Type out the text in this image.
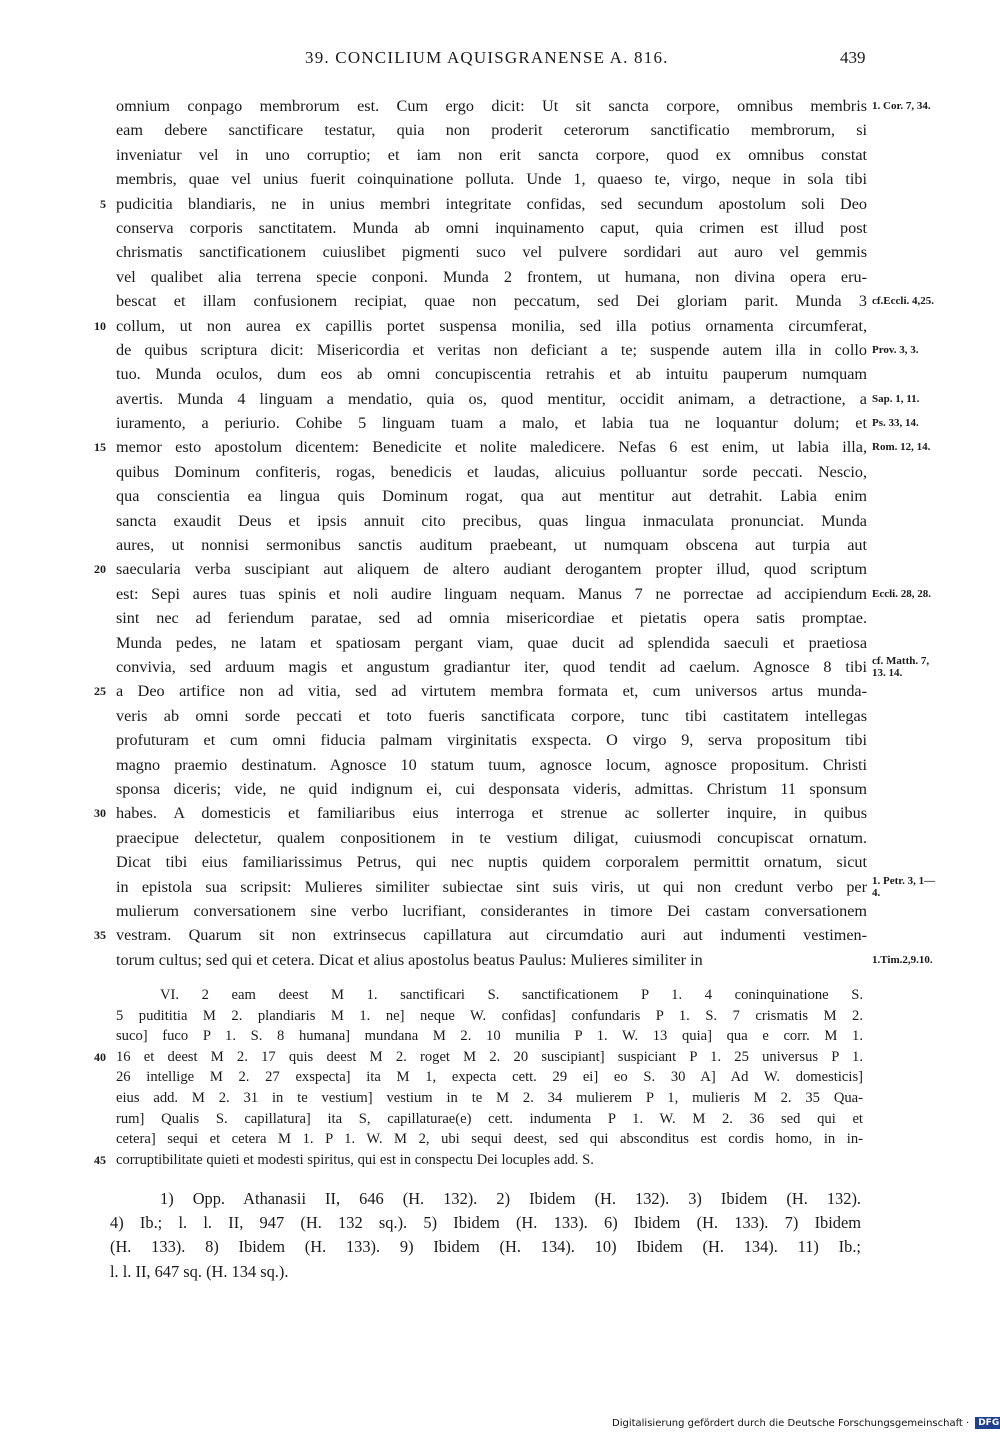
39. CONCILIUM AQUISGRANENSE A. 816.	439
omnium conpago membrorum est. Cum ergo dicit: Ut sit sancta corpore, omnibus membris 1. Cor. 7, 34.
eam debere sanctificare testatur, quia non proderit ceterorum sanctificatio membrorum, si
inveniatur vel in uno corruptio; et iam non erit sancta corpore, quod ex omnibus constat
membris, quae vel unius fuerit coinquinatione polluta. Unde 1, quaeso te, virgo, neque in sola tibi
5 pudicitia blandiaris, ne in unius membri integritate confidas, sed secundum apostolum soli Deo
conserva corporis sanctitatem. Munda ab omni inquinamento caput, quia crimen est illud post
chrismatis sanctificationem cuiuslibet pigmenti suco vel pulvere sordidari aut auro vel gemmis
vel qualibet alia terrena specie conponi. Munda 2 frontem, ut humana, non divina opera eru-
bescat et illam confusionem recipiat, quae non peccatum, sed Dei gloriam parit. Munda 3 cf.Eccli. 4,25.
10 collum, ut non aurea ex capillis portet suspensa monilia, sed illa potius ornamenta circumferat,
de quibus scriptura dicit: Misericordia et veritas non deficiant a te; suspende autem illa in collo Prov. 3, 3.
tuo. Munda oculos, dum eos ab omni concupiscentia retrahis et ab intuitu pauperum numquam
avertis. Munda 4 linguam a mendatio, quia os, quod mentitur, occidit animam, a detractione, a Sap. 1, 11.
iuramento, a periurio. Cohibe 5 linguam tuam a malo, et labia tua ne loquantur dolum; et Ps. 33, 14.
15 memor esto apostolum dicentem: Benedicite et nolite maledicere. Nefas 6 est enim, ut labia illa, Rom. 12, 14.
quibus Dominum confiteris, rogas, benedicis et laudas, alicuius polluantur sorde peccati. Nescio,
qua conscientia ea lingua quis Dominum rogat, qua aut mentitur aut detrahit. Labia enim
sancta exaudit Deus et ipsis annuit cito precibus, quas lingua inmaculata pronunciat. Munda
aures, ut nonnisi sermonibus sanctis auditum praebeant, ut numquam obscena aut turpia aut
20 saecularia verba suscipiant aut aliquem de altero audiant derogantem propter illud, quod scriptum
est: Sepi aures tuas spinis et noli audire linguam nequam. Manus 7 ne porrectae ad accipiendum Eccli. 28, 28.
sint nec ad feriendum paratae, sed ad omnia misericordiae et pietatis opera satis promptae.
Munda pedes, ne latam et spatiosam pergant viam, quae ducit ad splendida saeculi et praetiosa
convivia, sed arduum magis et angustum gradiantur iter, quod tendit ad caelum. Agnosce 8 tibi cf. Matth. 7, 13. 14.
25 a Deo artifice non ad vitia, sed ad virtutem membra formata et, cum universos artus munda-
veris ab omni sorde peccati et toto fueris sanctificata corpore, tunc tibi castitatem intellegas
profuturam et cum omni fiducia palmam virginitatis exspecta. O virgo 9, serva propositum tibi
magno praemio destinatum. Agnosce 10 statum tuum, agnosce locum, agnosce propositum. Christi
sponsa diceris; vide, ne quid indignum ei, cui desponsata videris, admittas. Christum 11 sponsum
30 habes. A domesticis et familiaribus eius interroga et strenue ac sollerter inquire, in quibus
praecipue delectetur, qualem conpositionem in te vestium diligat, cuiusmodi concupiscat ornatum.
Dicat tibi eius familiarissimus Petrus, qui nec nuptis quidem corporalem permittit ornatum, sicut
in epistola sua scripsit: Mulieres similiter subiectae sint suis viris, ut qui non credunt verbo per 1. Petr. 3, 1—4.
mulierum conversationem sine verbo lucrifiant, considerantes in timore Dei castam conversationem
35 vestram. Quarum sit non extrinsecus capillatura aut circumdatio auri aut indumenti vestimen-
torum cultus; sed qui et cetera. Dicat et alius apostolus beatus Paulus: Mulieres similiter in	1.Tim.2,9.10.
VI. 2 eam deest M 1. sanctificari S. sanctificationem P 1. 4 coninquinatione S.
5 pudititia M 2. plandiaris M 1. ne] neque W. confidas] confundaris P 1. S. 7 crismatis M 2.
suco] fuco P 1. S. 8 humana] mundana M 2. 10 munilia P 1. W. 13 quia] qua e corr. M 1.
40 16 et deest M 2. 17 quis deest M 2. roget M 2. 20 suscipiant] suspiciant P 1. 25 universus P 1.
26 intellige M 2. 27 exspecta] ita M 1, expecta cett. 29 ei] eo S. 30 A] Ad W. domesticis]
eius add. M 2. 31 in te vestium] vestium in te M 2. 34 mulierem P 1, mulieris M 2. 35 Qua-
rum] Qualis S. capillatura] ita S, capillaturae(e) cett. indumenta P 1. W. M 2. 36 sed qui et
cetera] sequi et cetera M 1. P 1. W. M 2, ubi sequi deest, sed qui absconditus est cordis homo, in in-
45 corruptibilitate quieti et modesti spiritus, qui est in conspectu Dei locuples add. S.
1) Opp. Athanasii II, 646 (H. 132). 2) Ibidem (H. 132). 3) Ibidem (H. 132).
4) Ib.; l. l. II, 947 (H. 132 sq.). 5) Ibidem (H. 133). 6) Ibidem (H. 133). 7) Ibidem
(H. 133). 8) Ibidem (H. 133). 9) Ibidem (H. 134). 10) Ibidem (H. 134). 11) Ib.;
l. l. II, 647 sq. (H. 134 sq.).
Digitalisierung gefördert durch die Deutsche Forschungsgemeinschaft · DFG
